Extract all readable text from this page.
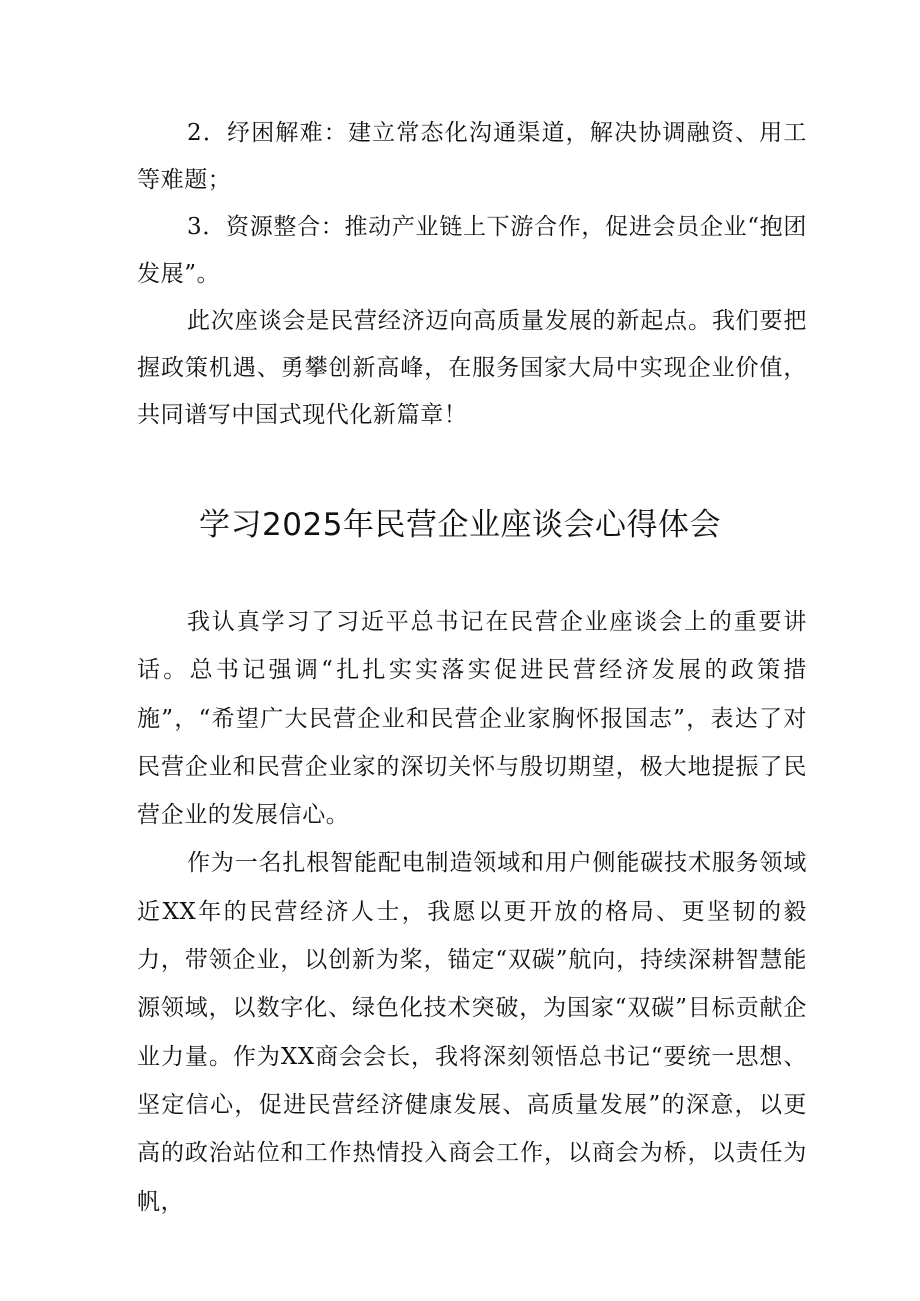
2．纾困解难：建立常态化沟通渠道，解决协调融资、用工等难题；

3．资源整合：推动产业链上下游合作，促进会员企业“抱团发展”。

此次座谈会是民营经济迈向高质量发展的新起点。我们要把握政策机遇、勇攀创新高峰，在服务国家大局中实现企业价值，共同谱写中国式现代化新篇章！

学习2025年民营企业座谈会心得体会

我认真学习了习近平总书记在民营企业座谈会上的重要讲话。总书记强调“扎扎实实落实促进民营经济发展的政策措施”，“希望广大民营企业和民营企业家胸怀报国志”，表达了对民营企业和民营企业家的深切关怀与殷切期望，极大地提振了民营企业的发展信心。

作为一名扎根智能配电制造领域和用户侧能碳技术服务领域近XX年的民营经济人士，我愿以更开放的格局、更坚韧的毅力，带领企业，以创新为桨，锚定“双碳”航向，持续深耕智慧能源领域，以数字化、绿色化技术突破，为国家“双碳”目标贡献企业力量。作为XX商会会长，我将深刻领悟总书记“要统一思想、坚定信心，促进民营经济健康发展、高质量发展”的深意，以更高的政治站位和工作热情投入商会工作，以商会为桥，以责任为帆，
